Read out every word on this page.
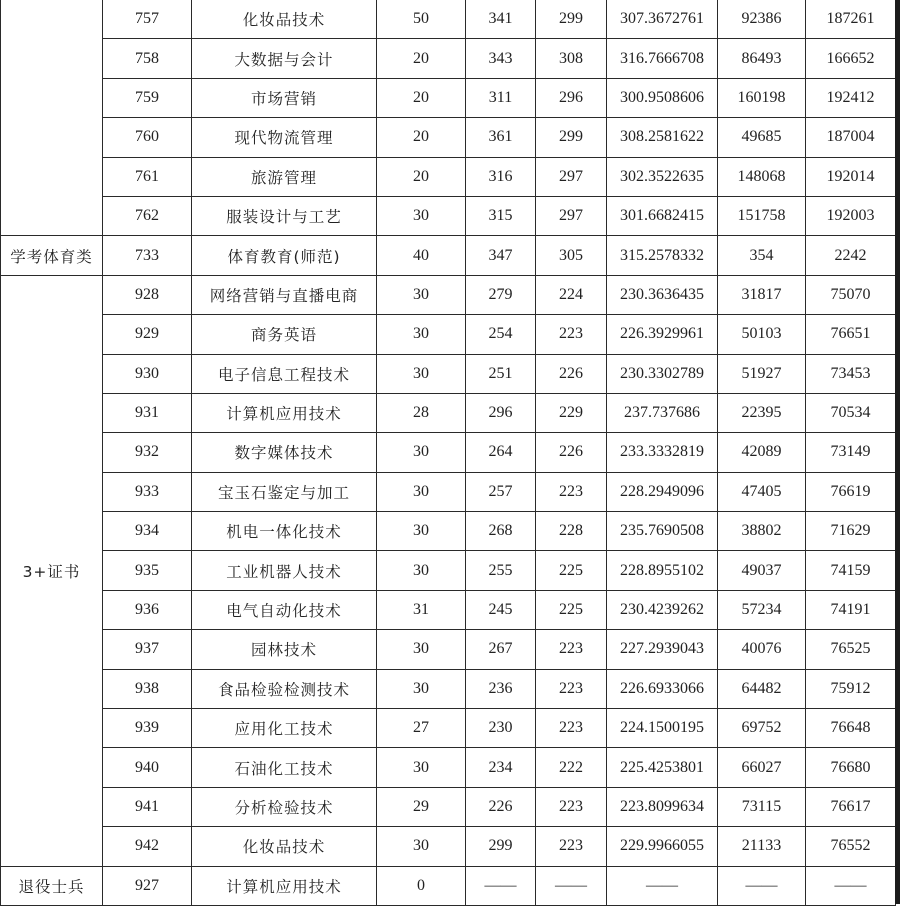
	757	化妆品技术	50	341	299	307.3672761	92386	187261
	758	大数据与会计	20	343	308	316.7666708	86493	166652
	759	市场营销	20	311	296	300.9508606	160198	192412
	760	现代物流管理	20	361	299	308.2581622	49685	187004
	761	旅游管理	20	316	297	302.3522635	148068	192014
	762	服装设计与工艺	30	315	297	301.6682415	151758	192003
学考体育类	733	体育教育(师范)	40	347	305	315.2578332	354	2242
3+证书	928	网络营销与直播电商	30	279	224	230.3636435	31817	75070
	929	商务英语	30	254	223	226.3929961	50103	76651
	930	电子信息工程技术	30	251	226	230.3302789	51927	73453
	931	计算机应用技术	28	296	229	237.737686	22395	70534
	932	数字媒体技术	30	264	226	233.3332819	42089	73149
	933	宝玉石鉴定与加工	30	257	223	228.2949096	47405	76619
	934	机电一体化技术	30	268	228	235.7690508	38802	71629
	935	工业机器人技术	30	255	225	228.8955102	49037	74159
	936	电气自动化技术	31	245	225	230.4239262	57234	74191
	937	园林技术	30	267	223	227.2939043	40076	76525
	938	食品检验检测技术	30	236	223	226.6933066	64482	75912
	939	应用化工技术	27	230	223	224.1500195	69752	76648
	940	石油化工技术	30	234	222	225.4253801	66027	76680
	941	分析检验技术	29	226	223	223.8099634	73115	76617
	942	化妆品技术	30	299	223	229.9966055	21133	76552
退役士兵	927	计算机应用技术	0	——	——	——	——	——
